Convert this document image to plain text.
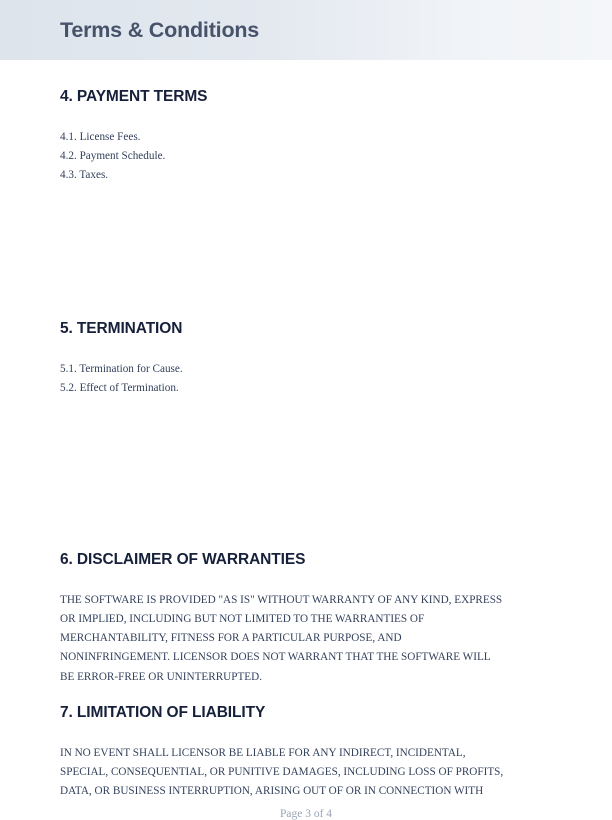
Terms & Conditions
4. PAYMENT TERMS
4.1. License Fees.
4.2. Payment Schedule.
4.3. Taxes.
5. TERMINATION
5.1. Termination for Cause.
5.2. Effect of Termination.
6. DISCLAIMER OF WARRANTIES
THE SOFTWARE IS PROVIDED "AS IS" WITHOUT WARRANTY OF ANY KIND, EXPRESS
OR IMPLIED, INCLUDING BUT NOT LIMITED TO THE WARRANTIES OF
MERCHANTABILITY, FITNESS FOR A PARTICULAR PURPOSE, AND
NONINFRINGEMENT. LICENSOR DOES NOT WARRANT THAT THE SOFTWARE WILL
BE ERROR-FREE OR UNINTERRUPTED.
7. LIMITATION OF LIABILITY
IN NO EVENT SHALL LICENSOR BE LIABLE FOR ANY INDIRECT, INCIDENTAL,
SPECIAL, CONSEQUENTIAL, OR PUNITIVE DAMAGES, INCLUDING LOSS OF PROFITS,
DATA, OR BUSINESS INTERRUPTION, ARISING OUT OF OR IN CONNECTION WITH
Page 3 of 4
